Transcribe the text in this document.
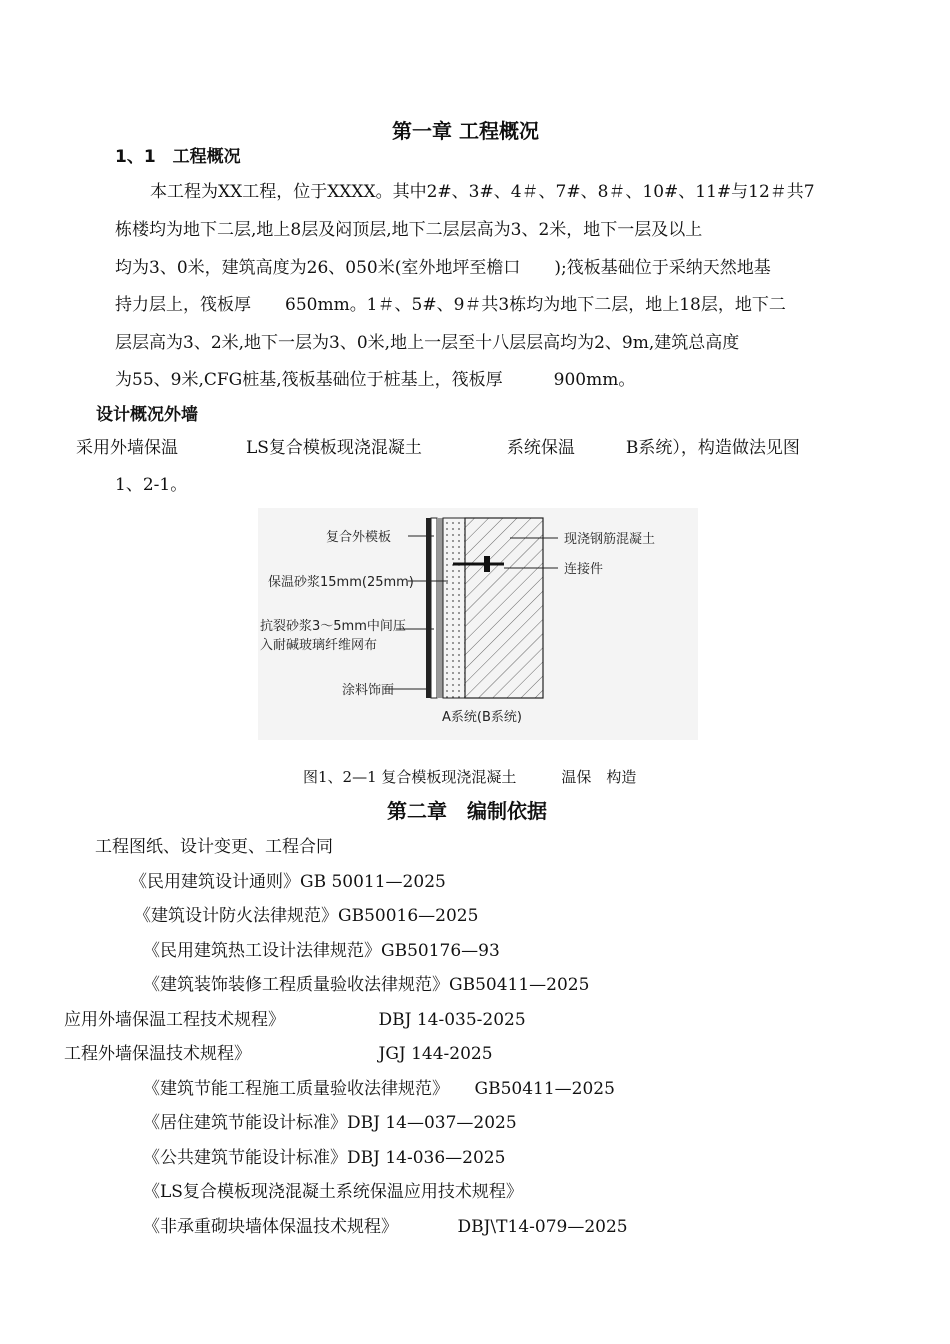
第一章 工程概况
1、1　工程概况
本工程为XX工程，位于XXXX。其中2#、3#、4＃、7#、8＃、10#、11#与12＃共7
栋楼均为地下二层,地上8层及闷顶层,地下二层层高为3、2米，地下一层及以上
均为3、0米，建筑高度为26、050米(室外地坪至檐口　　);筏板基础位于采纳天然地基
持力层上，筏板厚　　650mm。1＃、5#、9＃共3栋均为地下二层，地上18层，地下二
层层高为3、2米,地下一层为3、0米,地上一层至十八层层高均为2、9m,建筑总高度
为55、9米,CFG桩基,筏板基础位于桩基上，筏板厚　　　900mm。
设计概况外墙
采用外墙保温　　　　LS复合模板现浇混凝土　　　　　系统保温　　　B系统），构造做法见图
1、2-1。
复合外模板
保温砂浆15mm(25mm)
抗裂砂浆3～5mm中间压
入耐碱玻璃纤维网布
涂料饰面
现浇钢筋混凝土
连接件
A系统(B系统)
图1、2—1 复合模板现浇混凝土　　　温保　构造
第二章　编制依据
工程图纸、设计变更、工程合同
《民用建筑设计通则》GB 50011—2025
《建筑设计防火法律规范》GB50016—2025
《民用建筑热工设计法律规范》GB50176—93
《建筑装饰装修工程质量验收法律规范》GB50411—2025
应用外墙保温工程技术规程》　　　　　　DBJ 14-035-2025
工程外墙保温技术规程》　　　　　　　　JGJ 144-2025
《建筑节能工程施工质量验收法律规范》　　GB50411—2025
《居住建筑节能设计标准》DBJ 14—037—2025
《公共建筑节能设计标准》DBJ 14-036—2025
《LS复合模板现浇混凝土系统保温应用技术规程》
《非承重砌块墙体保温技术规程》　　　　DBJ\T14-079—2025
